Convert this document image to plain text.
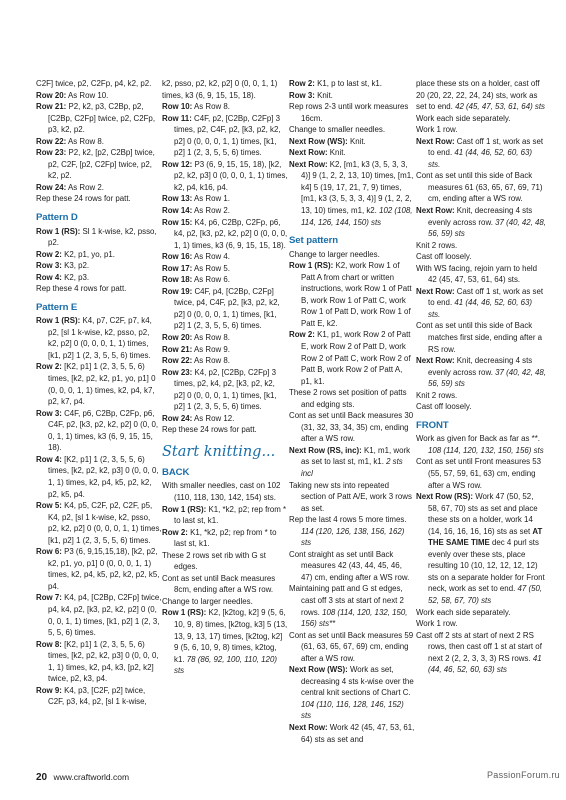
C2F] twice, p2, C2Fp, p4, k2, p2.

Row 20: As Row 10.

Row 21: P2, k2, p3, C2Bp, p2, [C2Bp, C2Fp] twice, p2, C2Fp, p3, k2, p2.

Row 22: As Row 8.

Row 23: P2, k2, [p2, C2Bp] twice, p2, C2F, [p2, C2Fp] twice, p2, k2, p2.

Row 24: As Row 2.

Rep these 24 rows for patt.

Pattern D

Row 1 (RS): Sl 1 k-wise, k2, psso, p2.

Row 2: K2, p1, yo, p1.

Row 3: K3, p2.

Row 4: K2, p3.

Rep these 4 rows for patt.

Pattern E

Row 1 (RS): K4, p7, C2F, p7, k4, p2, [sl 1 k-wise, k2, psso, p2, k2, p2] 0 (0, 0, 0, 1, 1) times, [k1, p2] 1 (2, 3, 5, 5, 6) times.

Row 2: [K2, p1] 1 (2, 3, 5, 5, 6) times, [k2, p2, k2, p1, yo, p1] 0 (0, 0, 0, 1, 1) times, k2, p4, k7, p2, k7, p4.

Row 3: C4F, p6, C2Bp, C2Fp, p6, C4F, p2, [k3, p2, k2, p2] 0 (0, 0, 0, 1, 1) times, k3 (6, 9, 15, 15, 18).

Row 4: [K2, p1] 1 (2, 3, 5, 5, 6) times, [k2, p2, k2, p3] 0 (0, 0, 0, 1, 1) times, k2, p4, k5, p2, k2, p2, k5, p4.

Row 5: K4, p5, C2F, p2, C2F, p5, K4, p2, [sl 1 k-wise, k2, psso, p2, k2, p2] 0 (0, 0, 0, 1, 1) times, [k1, p2] 1 (2, 3, 5, 5, 6) times.

Row 6: P3 (6, 9,15,15,18), [k2, p2, k2, p1, yo, p1] 0 (0, 0, 0, 1, 1) times, k2, p4, k5, p2, k2, p2, k5, p4.

Row 7: K4, p4, [C2Bp, C2Fp] twice, p4, k4, p2, [k3, p2, k2, p2] 0 (0, 0, 0, 1, 1) times, [k1, p2] 1 (2, 3, 5, 5, 6) times.

Row 8: [K2, p1] 1 (2, 3, 5, 5, 6) times, [k2, p2, k2, p3] 0 (0, 0, 0, 1, 1) times, k2, p4, k3, [p2, k2] twice, p2, k3, p4.

Row 9: K4, p3, [C2F, p2] twice, C2F, p3, k4, p2, [sl 1 k-wise,

k2, psso, p2, k2, p2] 0 (0, 0, 1, 1) times, k3 (6, 9, 15, 15, 18).

Row 10: As Row 8.

Row 11: C4F, p2, [C2Bp, C2Fp] 3 times, p2, C4F, p2, [k3, p2, k2, p2] 0 (0, 0, 0, 1, 1) times, [k1, p2] 1 (2, 3, 5, 5, 6) times.

Row 12: P3 (6, 9, 15, 15, 18), [k2, p2, k2, p3] 0 (0, 0, 0, 1, 1) times, k2, p4, k16, p4.

Row 13: As Row 1.

Row 14: As Row 2.

Row 15: K4, p6, C2Bp, C2Fp, p6, k4, p2, [k3, p2, k2, p2] 0 (0, 0, 0, 1, 1) times, k3 (6, 9, 15, 15, 18).

Row 16: As Row 4.

Row 17: As Row 5.

Row 18: As Row 6.

Row 19: C4F, p4, [C2Bp, C2Fp] twice, p4, C4F, p2, [k3, p2, k2, p2] 0 (0, 0, 0, 1, 1) times, [k1, p2] 1 (2, 3, 5, 5, 6) times.

Row 20: As Row 8.

Row 21: As Row 9.

Row 22: As Row 8.

Row 23: K4, p2, [C2Bp, C2Fp] 3 times, p2, k4, p2, [k3, p2, k2, p2] 0 (0, 0, 0, 1, 1) times, [k1, p2] 1 (2, 3, 5, 5, 6) times.

Row 24: As Row 12.

Rep these 24 rows for patt.

Start knitting...
BACK

With smaller needles, cast on 102 (110, 118, 130, 142, 154) sts.

Row 1 (RS): K1, *k2, p2; rep from * to last st, k1.

Row 2: K1, *k2, p2; rep from * to last st, k1.

These 2 rows set rib with G st edges.

Cont as set until Back measures 8cm, ending after a WS row.

Change to larger needles.

Row 1 (RS): K2, [k2tog, k2] 9 (5, 6, 10, 9, 8) times, [k2tog, k3] 5 (13, 13, 9, 13, 17) times, [k2tog, k2] 9 (5, 6, 10, 9, 8) times, k2tog, k1. 78 (86, 92, 100, 110, 120) sts

Row 2: K1, p to last st, k1.

Row 3: Knit.

Rep rows 2-3 until work measures 16cm.

Change to smaller needles.

Next Row (WS): Knit.

Next Row: Knit.

Next Row: K2, [m1, k3 (3, 5, 3, 3, 4)] 9 (1, 2, 2, 13, 10) times, [m1, k4] 5 (19, 17, 21, 7, 9) times, [m1, k3 (3, 5, 3, 3, 4)] 9 (1, 2, 2, 13, 10) times, m1, k2. 102 (108, 114, 126, 144, 150) sts

Set pattern

Change to larger needles.

Row 1 (RS): K2, work Row 1 of Patt A from chart or written instructions, work Row 1 of Patt B, work Row 1 of Patt C, work Row 1 of Patt D, work Row 1 of Patt E, k2.

Row 2: K1, p1, work Row 2 of Patt E, work Row 2 of Patt D, work Row 2 of Patt C, work Row 2 of Patt B, work Row 2 of Patt A, p1, k1.

These 2 rows set position of patts and edging sts.

Cont as set until Back measures 30 (31, 32, 33, 34, 35) cm, ending after a WS row.

Next Row (RS, inc): K1, m1, work as set to last st, m1, k1. 2 sts incl

Taking new sts into repeated section of Patt A/E, work 3 rows as set.

Rep the last 4 rows 5 more times. 114 (120, 126, 138, 156, 162) sts

Cont straight as set until Back measures 42 (43, 44, 45, 46, 47) cm, ending after a WS row.

Maintaining patt and G st edges, cast off 3 sts at start of next 2 rows. 108 (114, 120, 132, 150, 156) sts**

Cont as set until Back measures 59 (61, 63, 65, 67, 69) cm, ending after a WS row.

Next Row (WS): Work as set, decreasing 4 sts k-wise over the central knit sections of Chart C. 104 (110, 116, 128, 146, 152) sts

Next Row: Work 42 (45, 47, 53, 61, 64) sts as set and

place these sts on a holder, cast off 20 (20, 22, 22, 24, 24) sts, work as set to end. 42 (45, 47, 53, 61, 64) sts

Work each side separately.

Work 1 row.

Next Row: Cast off 1 st, work as set to end. 41 (44, 46, 52, 60, 63) sts.

Cont as set until this side of Back measures 61 (63, 65, 67, 69, 71) cm, ending after a WS row.

Next Row: Knit, decreasing 4 sts evenly across row. 37 (40, 42, 48, 56, 59) sts

Knit 2 rows.

Cast off loosely.

With WS facing, rejoin yarn to held 42 (45, 47, 53, 61, 64) sts.

Next Row: Cast off 1 st, work as set to end. 41 (44, 46, 52, 60, 63) sts.

Cont as set until this side of Back matches first side, ending after a RS row.

Next Row: Knit, decreasing 4 sts evenly across row. 37 (40, 42, 48, 56, 59) sts

Knit 2 rows.

Cast off loosely.

FRONT

Work as given for Back as far as **. 108 (114, 120, 132, 150, 156) sts

Cont as set until Front measures 53 (55, 57, 59, 61, 63) cm, ending after a WS row.

Next Row (RS): Work 47 (50, 52, 58, 67, 70) sts as set and place these sts on a holder, work 14 (14, 16, 16, 16, 16) sts as set AT THE SAME TIME dec 4 purl sts evenly over these sts, place resulting 10 (10, 12, 12, 12, 12) sts on a separate holder for Front neck, work as set to end. 47 (50, 52, 58, 67, 70) sts

Work each side separately.

Work 1 row.

Cast off 2 sts at start of next 2 RS rows, then cast off 1 st at start of next 2 (2, 2, 3, 3, 3) RS rows. 41 (44, 46, 52, 60, 63) sts

20 www.craftworld.com	PassionForum.ru
